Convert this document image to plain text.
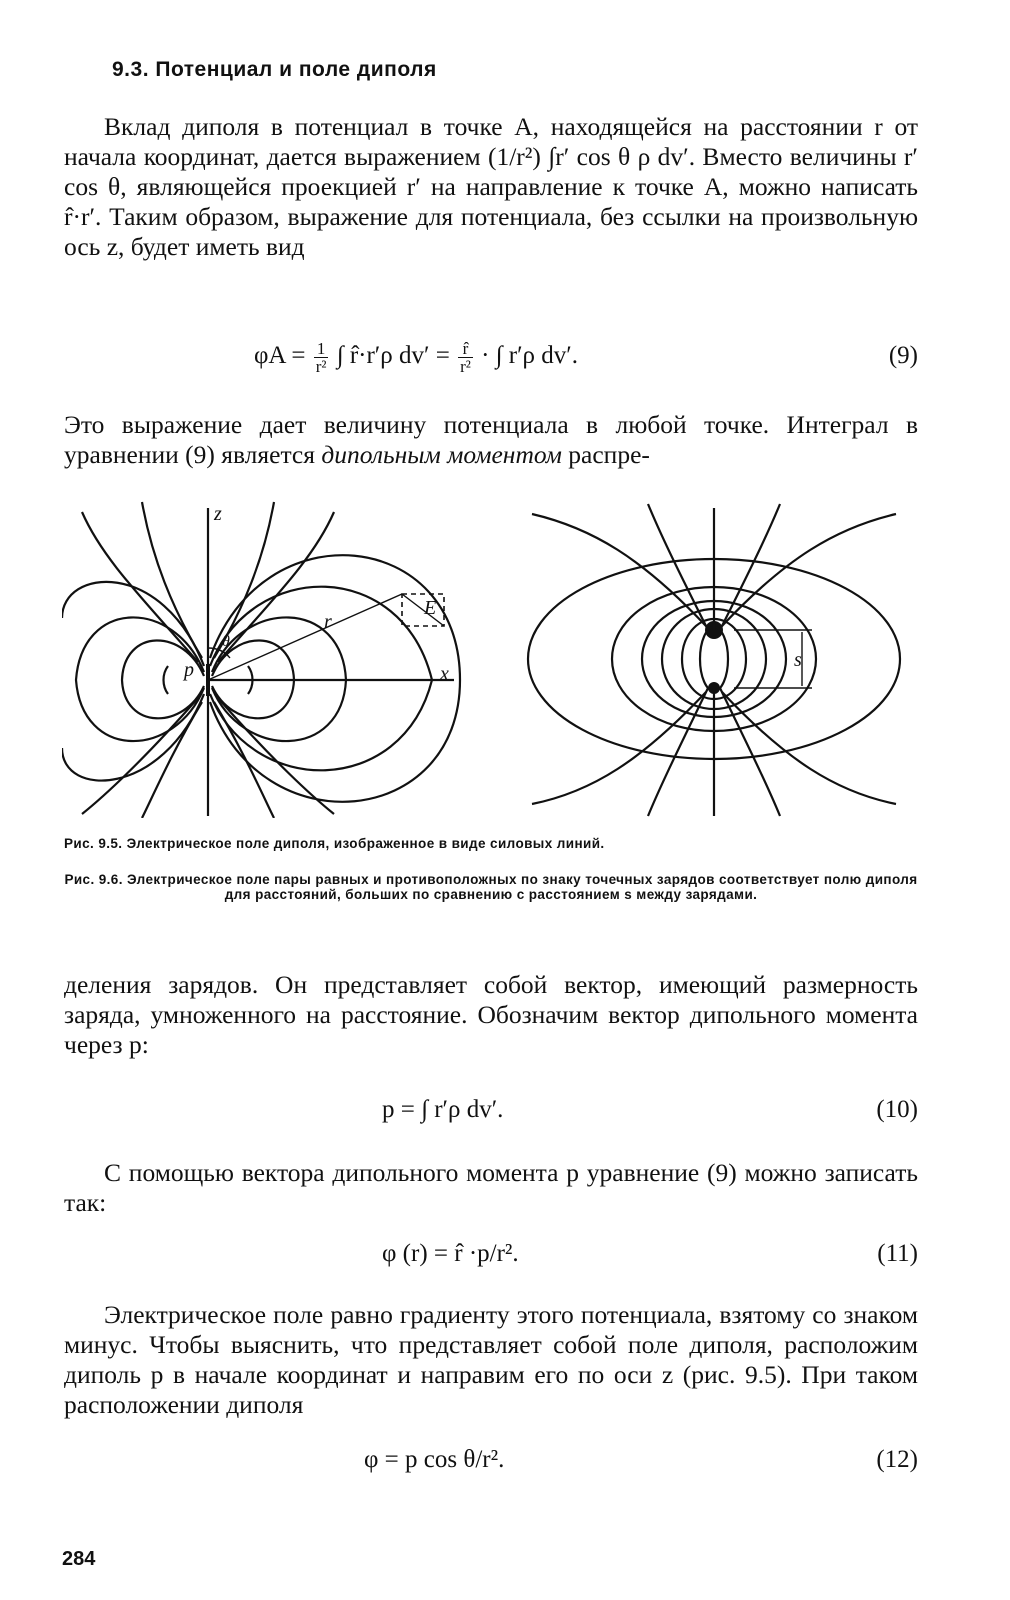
9.3. Потенциал и поле диполя
Вклад диполя в потенциал в точке A, находящейся на расстоянии r от начала координат, дается выражением (1/r²) ∫r′ cos θ ρ dv′. Вместо величины r′ cos θ, являющейся проекцией r′ на направление к точке A, можно написать r̂·r′. Таким образом, выражение для потенциала, без ссылки на произвольную ось z, будет иметь вид
$\varphi A = \frac{1}{\text{r²}}$ ∫ r̂·r′ρ $dv' = \frac{r̂}{\text{r²}}$ · ∫ r′ρ dv′.	(9)
Это выражение дает величину потенциала в любой точке. Интеграл в уравнении (9) является дипольным моментом распре-
z
x
p
θ
r
E
s
Рис. 9.5. Электрическое поле диполя, изображенное в виде силовых линий.
Рис. 9.6. Электрическое поле пары равных и противоположных по знаку точечных зарядов соответствует полю диполя для расстояний, больших по сравнению с расстоянием s между зарядами.
деления зарядов. Он представляет собой вектор, имеющий размерность заряда, умноженного на расстояние. Обозначим вектор дипольного момента через p:
p = ∫ r′ρ dv′.	(10)
С помощью вектора дипольного момента p уравнение (9) можно записать так:
φ (r) = r̂ ·p/r².	(11)
Электрическое поле равно градиенту этого потенциала, взятому со знаком минус. Чтобы выяснить, что представляет собой поле диполя, расположим диполь p в начале координат и направим его по оси z (рис. 9.5). При таком расположении диполя
φ = p cos θ/r².	(12)
284
